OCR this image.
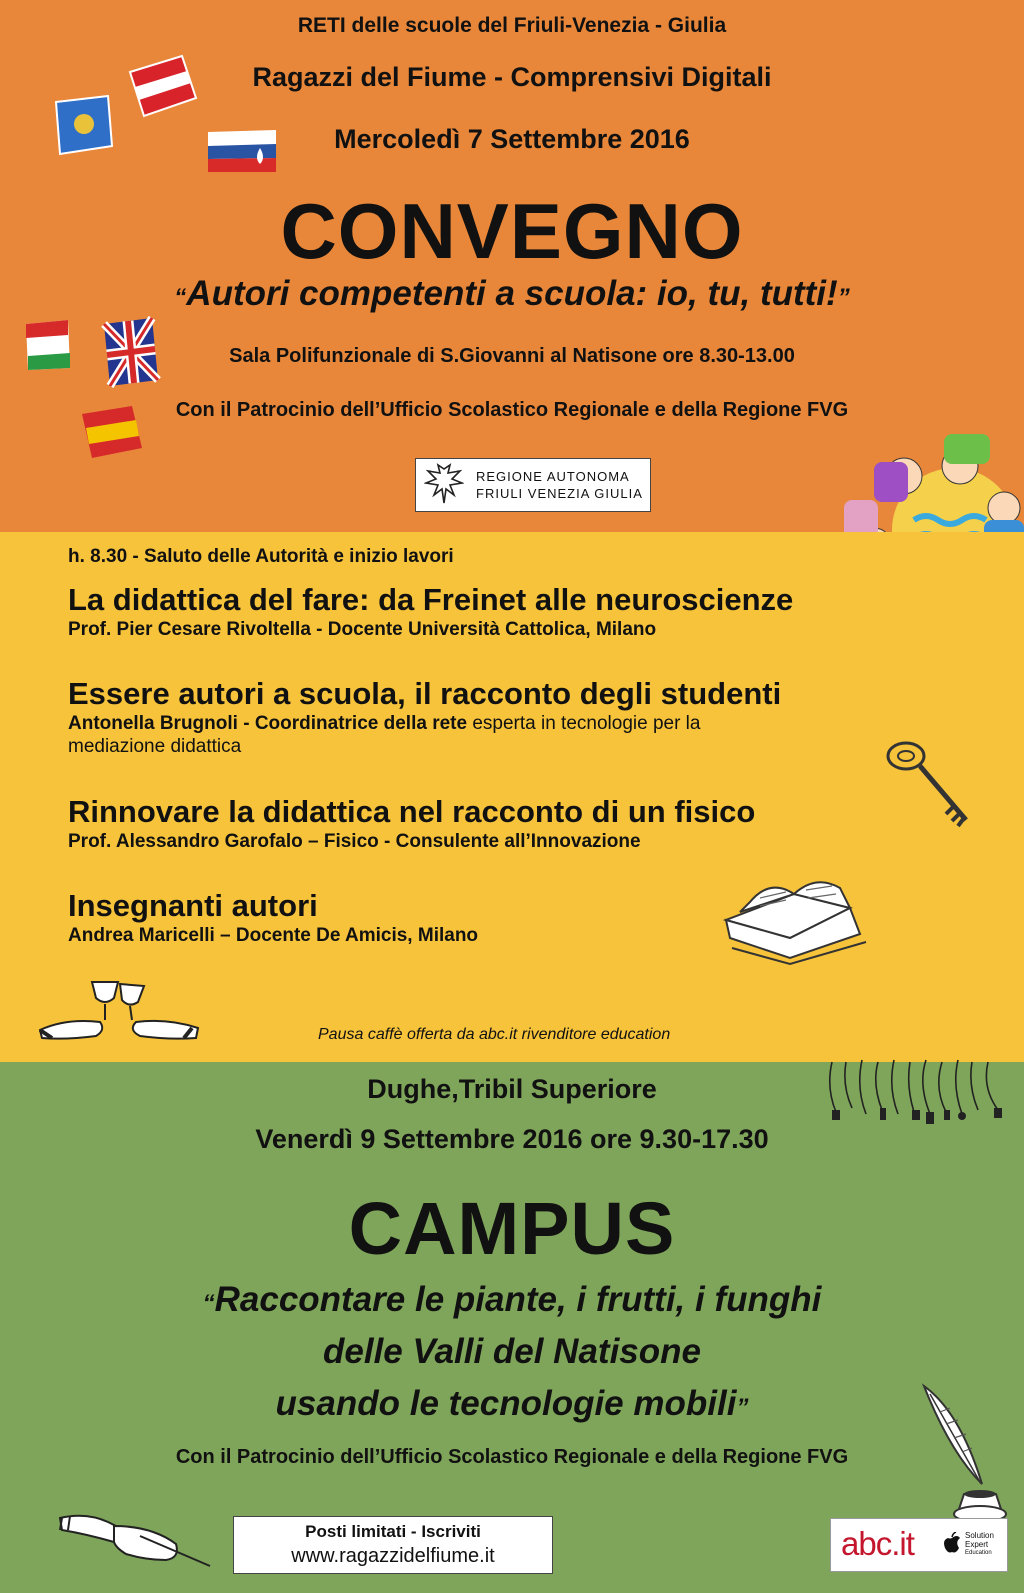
RETI delle scuole del Friuli-Venezia - Giulia
Ragazzi del Fiume - Comprensivi Digitali
Mercoledì 7 Settembre 2016
CONVEGNO
“Autori competenti a scuola: io, tu, tutti!”
Sala Polifunzionale di S.Giovanni al Natisone ore 8.30-13.00
Con il Patrocinio dell’Ufficio Scolastico Regionale e della Regione FVG
REGIONE AUTONOMA
FRIULI VENEZIA GIULIA
h. 8.30 - Saluto delle Autorità e inizio lavori
La didattica del fare: da Freinet alle neuroscienze
Prof. Pier Cesare Rivoltella - Docente Università Cattolica, Milano
Essere autori a scuola, il racconto degli studenti
Antonella Brugnoli - Coordinatrice della rete esperta in tecnologie per la mediazione didattica
Rinnovare la didattica nel racconto di un fisico
Prof. Alessandro Garofalo – Fisico - Consulente all’Innovazione
Insegnanti autori
Andrea Maricelli – Docente De Amicis, Milano
Pausa caffè offerta da abc.it rivenditore education
Dughe,Tribil Superiore
Venerdì 9 Settembre 2016 ore 9.30-17.30
CAMPUS
“Raccontare le piante, i frutti, i funghi
delle Valli del Natisone
usando le tecnologie mobili”
Con il Patrocinio dell’Ufficio Scolastico Regionale e della Regione FVG
Posti limitati - Iscriviti
www.ragazzidelfiume.it	abc.it	Solution
Expert
Education
